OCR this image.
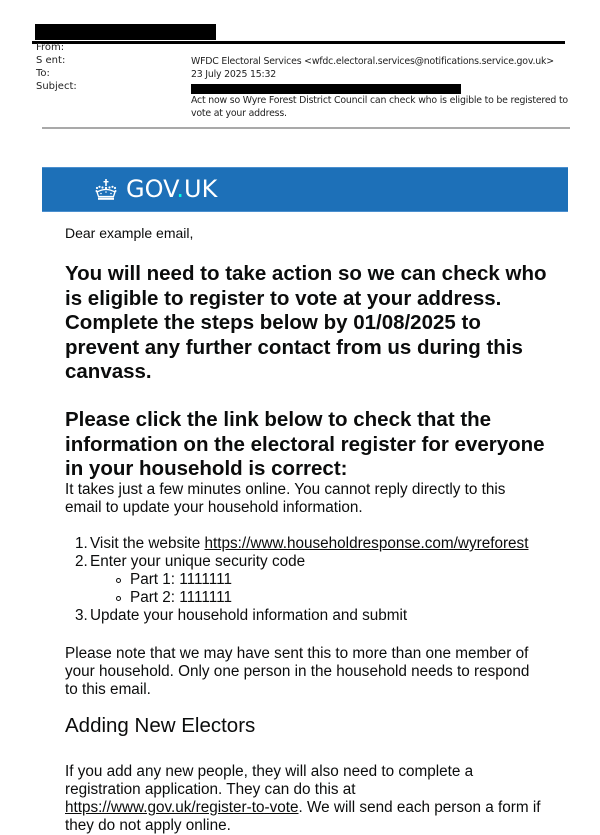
From:
S ent:
To:
Subject:
WFDC Electoral Services <wfdc.electoral.services@notifications.service.gov.uk>
23 July 2025 15:32
Act now so Wyre Forest District Council can check who is eligible to be registered to vote at your address.
GOV.UK
Dear example email,
You will need to take action so we can check who is eligible to register to vote at your address. Complete the steps below by 01/08/2025 to prevent any further contact from us during this canvass.
Please click the link below to check that the information on the electoral register for everyone in your household is correct:
It takes just a few minutes online. You cannot reply directly to this email to update your household information.
1. Visit the website https://www.householdresponse.com/wyreforest
2. Enter your unique security code
Part 1: 1111111
Part 2: 1111111
3. Update your household information and submit
Please note that we may have sent this to more than one member of your household. Only one person in the household needs to respond to this email.
Adding New Electors
If you add any new people, they will also need to complete a registration application. They can do this at https://www.gov.uk/register-to-vote. We will send each person a form if they do not apply online.
